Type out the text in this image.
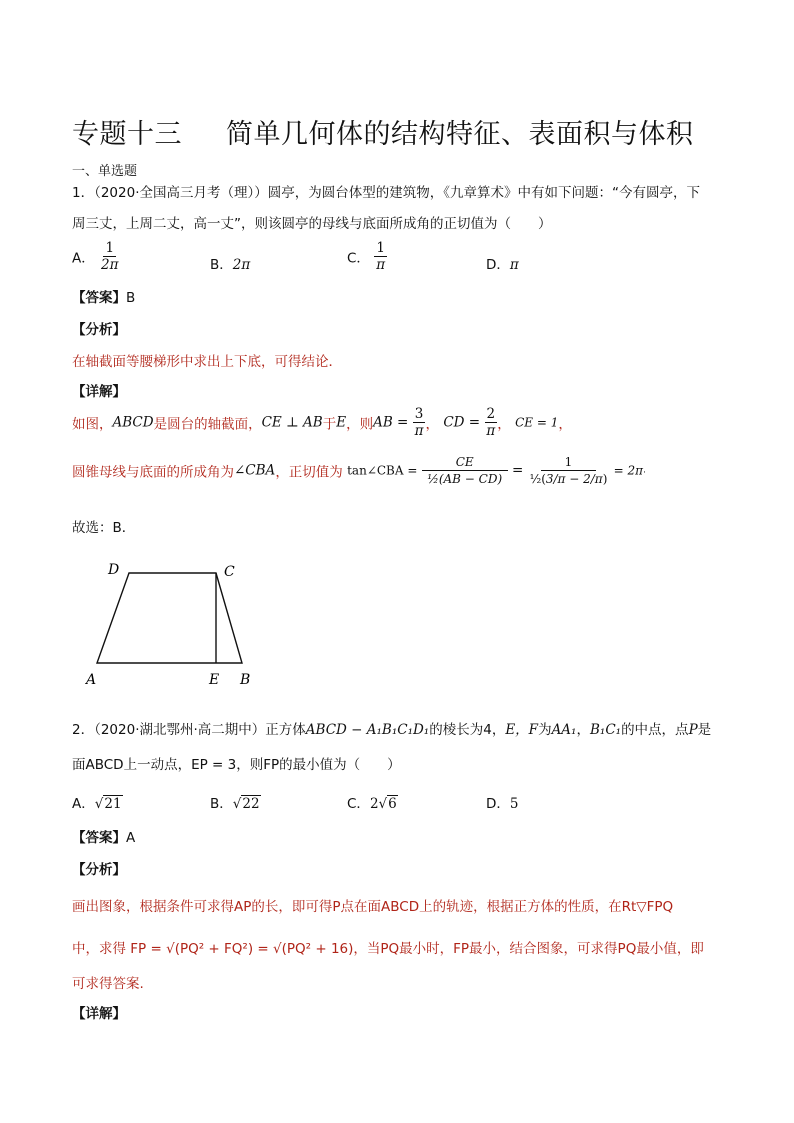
专题十三 简单几何体的结构特征、表面积与体积
一、单选题
1．（2020·全国高三月考（理））圆亭，为圆台体型的建筑物，《九章算术》中有如下问题：“今有圆亭，下
周三丈，上周二丈，高一丈”，则该圆亭的母线与底面所成角的正切值为（　　）
A． $\frac{1}{2\pi}$	B．2π	C． $\frac{1}{\pi}$	D．π
【答案】B
【分析】
在轴截面等腰梯形中求出上下底，可得结论．
【详解】
如图，ABCD是圆台的轴截面，CE ⊥ AB于E，则AB = $\frac{3}{\pi}$ ， CD = $\frac{2}{\pi}$ ， CE = 1，
圆锥母线与底面的所成角为∠CBA，正切值为 tan∠CBA = $\frac{CE}{\text{½(AB − CD)}} = \frac{1}{\text{½(3/π − 2/π)}} = 2\pi$.
故选：B．
D	C
A	E B
2．（2020·湖北鄂州·高二期中）正方体ABCD − A₁B₁C₁D₁的棱长为4，E，F为AA₁，B₁C₁的中点，点P是
面ABCD上一动点，EP = 3，则FP的最小值为（　　）
A．√21	B．√22	C．2√6	D．5
【答案】A
【分析】
画出图象，根据条件可求得AP的长，即可得P点在面ABCD上的轨迹，根据正方体的性质，在Rt▽FPQ
中，求得 FP = √(PQ² + FQ²) = √(PQ² + 16)，当PQ最小时，FP最小，结合图象，可求得PQ最小值，即
可求得答案.
【详解】
